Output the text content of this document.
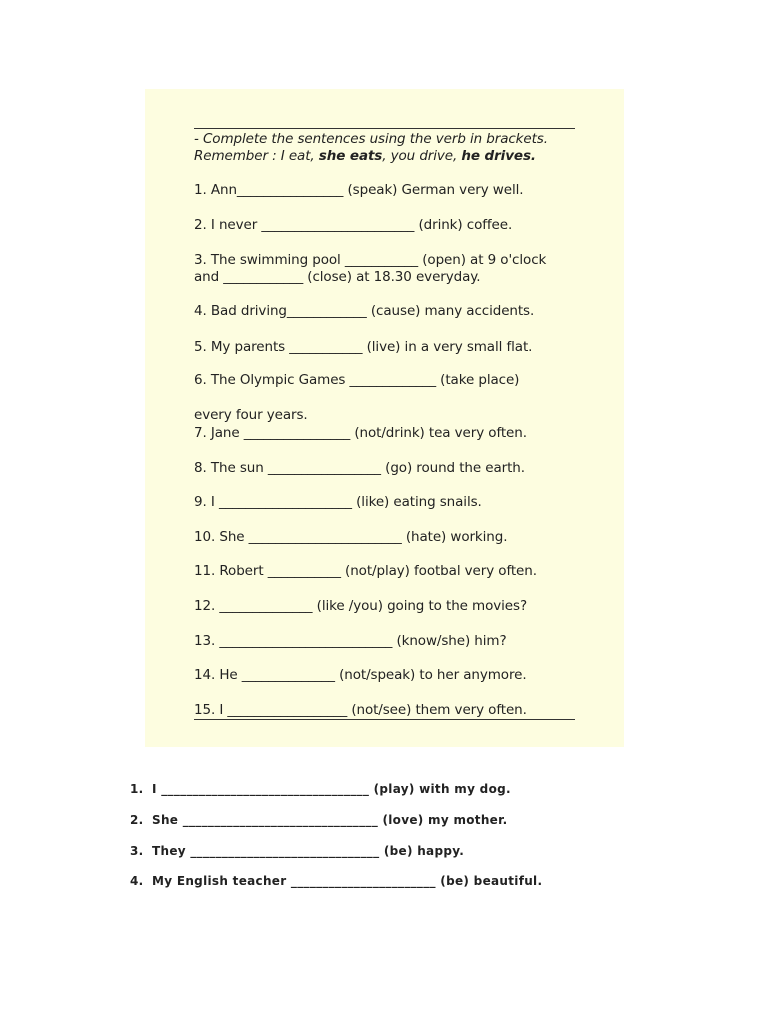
- Complete the sentences using the verb in brackets.
Remember : I eat, she eats, you drive, he drives.
1. Ann________________ (speak) German very well.
2. I never _______________________ (drink) coffee.
3. The swimming pool ___________ (open) at 9 o'clock
and ____________ (close) at 18.30 everyday.
4. Bad driving____________ (cause) many accidents.
5. My parents ___________ (live) in a very small flat.
6. The Olympic Games _____________ (take place)
every four years.
7. Jane ________________ (not/drink) tea very often.
8. The sun _________________ (go) round the earth.
9. I ____________________ (like) eating snails.
10. She _______________________ (hate) working.
11. Robert ___________ (not/play) footbal very often.
12. ______________ (like /you) going to the movies?
13. __________________________ (know/she) him?
14. He ______________ (not/speak) to her anymore.
15. I __________________ (not/see) them very often.
1. I _________________________________ (play) with my dog.
2. She _______________________________ (love) my mother.
3. They ______________________________ (be) happy.
4. My English teacher _______________________ (be) beautiful.
